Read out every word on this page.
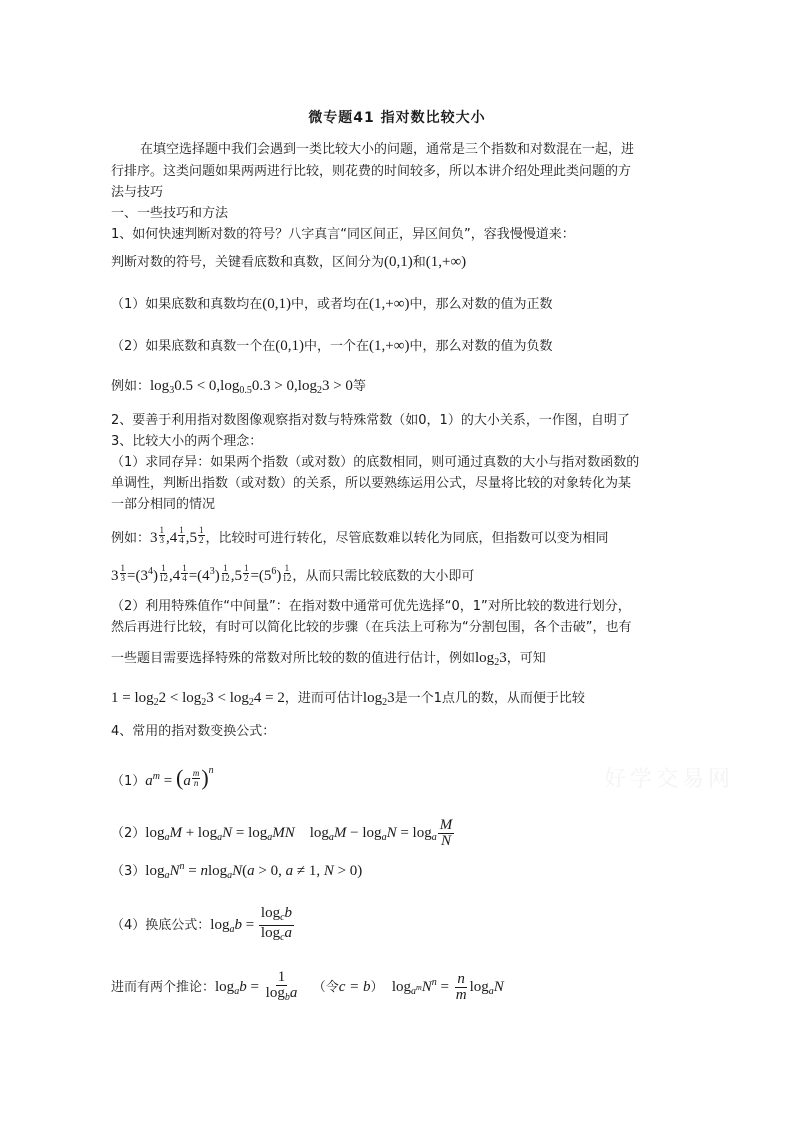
微专题41 指对数比较大小
在填空选择题中我们会遇到一类比较大小的问题，通常是三个指数和对数混在一起，进
行排序。这类问题如果两两进行比较，则花费的时间较多，所以本讲介绍处理此类问题的方
法与技巧
一、一些技巧和方法
1、如何快速判断对数的符号？八字真言“同区间正，异区间负”，容我慢慢道来：
判断对数的符号，关键看底数和真数，区间分为(0,1)和(1,+∞)
（1）如果底数和真数均在(0,1)中，或者均在(1,+∞)中，那么对数的值为正数
（2）如果底数和真数一个在(0,1)中，一个在(1,+∞)中，那么对数的值为负数
例如：$\log_30.5 < 0,\log_{0.5}0.3 > 0,\log_23 > 0$等
2、要善于利用指对数图像观察指对数与特殊常数（如0，1）的大小关系，一作图，自明了
3、比较大小的两个理念：
（1）求同存异：如果两个指数（或对数）的底数相同，则可通过真数的大小与指对数函数的
单调性，判断出指数（或对数）的关系，所以要熟练运用公式，尽量将比较的对象转化为某
一部分相同的情况
例如：$3 \frac{1}{3} ,4 \frac{1}{4} ,5 \frac{1}{2}$ ，比较时可进行转化，尽管底数难以转化为同底，但指数可以变为相同
$3 \frac{1}{3} =(3^4) \frac{1}{12} ,4 \frac{1}{4} =(4^3) \frac{1}{12} ,5 \frac{1}{2} =(5^6) \frac{1}{12}$ ，从而只需比较底数的大小即可
（2）利用特殊值作“中间量”：在指对数中通常可优先选择“0，1”对所比较的数进行划分，
然后再进行比较，有时可以简化比较的步骤（在兵法上可称为“分割包围，各个击破”，也有
一些题目需要选择特殊的常数对所比较的数的值进行估计，例如$\log_23$，可知
$1 = \log_22 < \log_23 < \log_24 = 2$，进而可估计$\log_23$是一个1点几的数，从而便于比较
4、常用的指对数变换公式：
$(1)a^m = (a \frac{m}{n} )^n$
$(2)\log_aM + \log_aN = \log_aMN$    $\log_aM - \log_aN = \log_a \frac{M}{N}$
$(3)\log_aN^n = nlog_aN(a > 0$, a ≠ 1, N > 0)
（4）换底公式：$\log_ab = \frac{\log_cb}{\log_ca}$
进而有两个推论：$\log_ab = \frac{1}{\log_ba}$ （令c = b） $\log_{a^m}N^n = \frac{n}{m} \log_aN$
好学交易网
